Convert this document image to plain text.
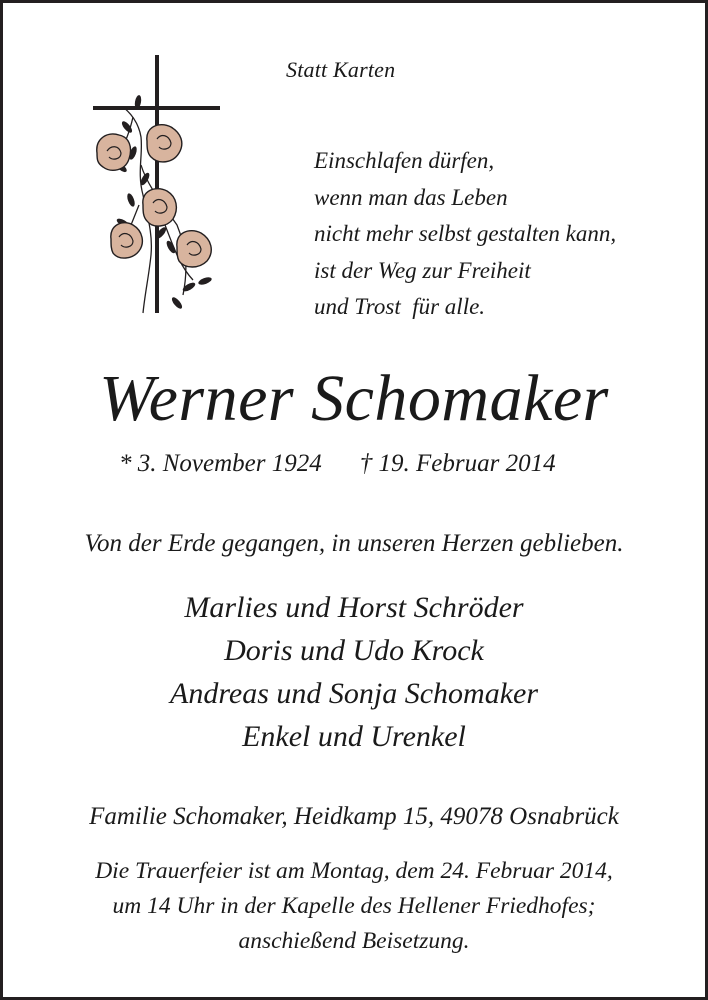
Statt Karten
Einschlafen dürfen,
wenn man das Leben
nicht mehr selbst gestalten kann,
ist der Weg zur Freiheit
und Trost  für alle.
Werner Schomaker
* 3. November 1924 † 19. Februar 2014
Von der Erde gegangen, in unseren Herzen geblieben.
Marlies und Horst Schröder
Doris und Udo Krock
Andreas und Sonja Schomaker
Enkel und Urenkel
Familie Schomaker, Heidkamp 15, 49078 Osnabrück
Die Trauerfeier ist am Montag, dem 24. Februar 2014,
um 14 Uhr in der Kapelle des Hellener Friedhofes;
anschießend Beisetzung.
